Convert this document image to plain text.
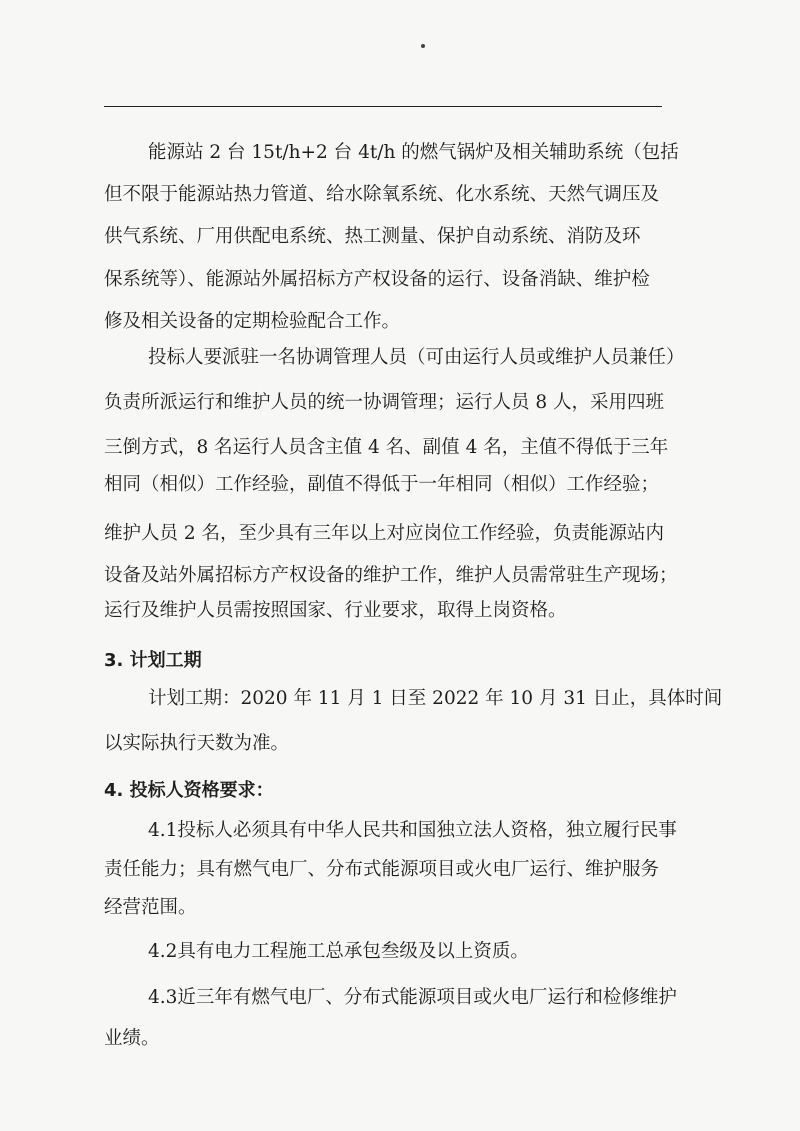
能源站 2 台 15t/h+2 台 4t/h 的燃气锅炉及相关辅助系统（包括
但不限于能源站热力管道、给水除氧系统、化水系统、天然气调压及
供气系统、厂用供配电系统、热工测量、保护自动系统、消防及环
保系统等）、能源站外属招标方产权设备的运行、设备消缺、维护检
修及相关设备的定期检验配合工作。
投标人要派驻一名协调管理人员（可由运行人员或维护人员兼任）
负责所派运行和维护人员的统一协调管理；运行人员 8 人，采用四班
三倒方式，8 名运行人员含主值 4 名、副值 4 名，主值不得低于三年
相同（相似）工作经验，副值不得低于一年相同（相似）工作经验；
维护人员 2 名，至少具有三年以上对应岗位工作经验，负责能源站内
设备及站外属招标方产权设备的维护工作，维护人员需常驻生产现场；
运行及维护人员需按照国家、行业要求，取得上岗资格。
3. 计划工期
计划工期：2020 年 11 月 1 日至 2022 年 10 月 31 日止，具体时间
以实际执行天数为准。
4. 投标人资格要求：
4.1投标人必须具有中华人民共和国独立法人资格，独立履行民事
责任能力；具有燃气电厂、分布式能源项目或火电厂运行、维护服务
经营范围。
4.2具有电力工程施工总承包叁级及以上资质。
4.3近三年有燃气电厂、分布式能源项目或火电厂运行和检修维护
业绩。
